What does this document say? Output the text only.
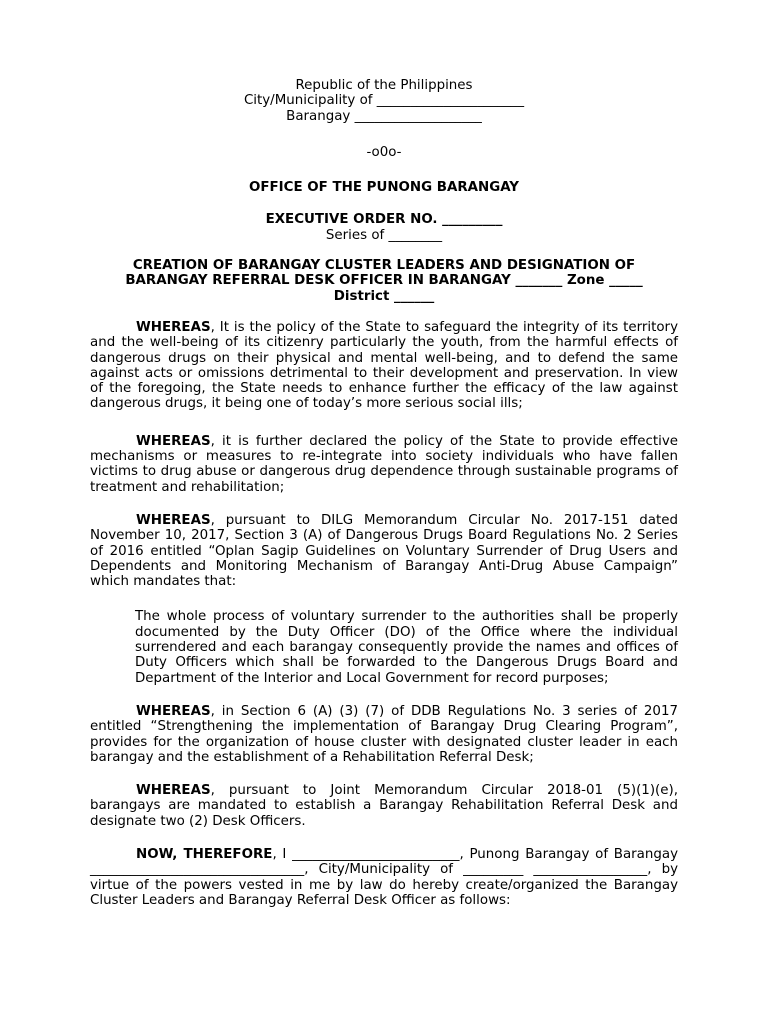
Republic of the Philippines

City/Municipality of ______________________

Barangay ___________________

-o0o-

OFFICE OF THE PUNONG BARANGAY

EXECUTIVE ORDER NO. _________

Series of ________

CREATION OF BARANGAY CLUSTER LEADERS AND DESIGNATION OF

BARANGAY REFERRAL DESK OFFICER IN BARANGAY _______ Zone _____

District ______

WHEREAS, It is the policy of the State to safeguard the integrity of its territory and the well-being of its citizenry particularly the youth, from the harmful effects of dangerous drugs on their physical and mental well-being, and to defend the same against acts or omissions detrimental to their development and preservation. In view of the foregoing, the State needs to enhance further the efficacy of the law against dangerous drugs, it being one of today’s more serious social ills;

WHEREAS, it is further declared the policy of the State to provide effective mechanisms or measures to re-integrate into society individuals who have fallen victims to drug abuse or dangerous drug dependence through sustainable programs of treatment and rehabilitation;

WHEREAS, pursuant to DILG Memorandum Circular No. 2017-151 dated November 10, 2017, Section 3 (A) of Dangerous Drugs Board Regulations No. 2 Series of 2016 entitled “Oplan Sagip Guidelines on Voluntary Surrender of Drug Users and Dependents and Monitoring Mechanism of Barangay Anti-Drug Abuse Campaign” which mandates that:

The whole process of voluntary surrender to the authorities shall be properly documented by the Duty Officer (DO) of the Office where the individual surrendered and each barangay consequently provide the names and offices of Duty Officers which shall be forwarded to the Dangerous Drugs Board and Department of the Interior and Local Government for record purposes;

WHEREAS, in Section 6 (A) (3) (7) of DDB Regulations No. 3 series of 2017 entitled “Strengthening the implementation of Barangay Drug Clearing Program”, provides for the organization of house cluster with designated cluster leader in each barangay and the establishment of a Rehabilitation Referral Desk;

WHEREAS, pursuant to Joint Memorandum Circular 2018-01 (5)(1)(e), barangays are mandated to establish a Barangay Rehabilitation Referral Desk and designate two (2) Desk Officers.

NOW, THEREFORE, I _________________________, Punong Barangay of Barangay ________________________________, City/Municipality of _________ _________________, by virtue of the powers vested in me by law do hereby create/organized the Barangay Cluster Leaders and Barangay Referral Desk Officer as follows:
